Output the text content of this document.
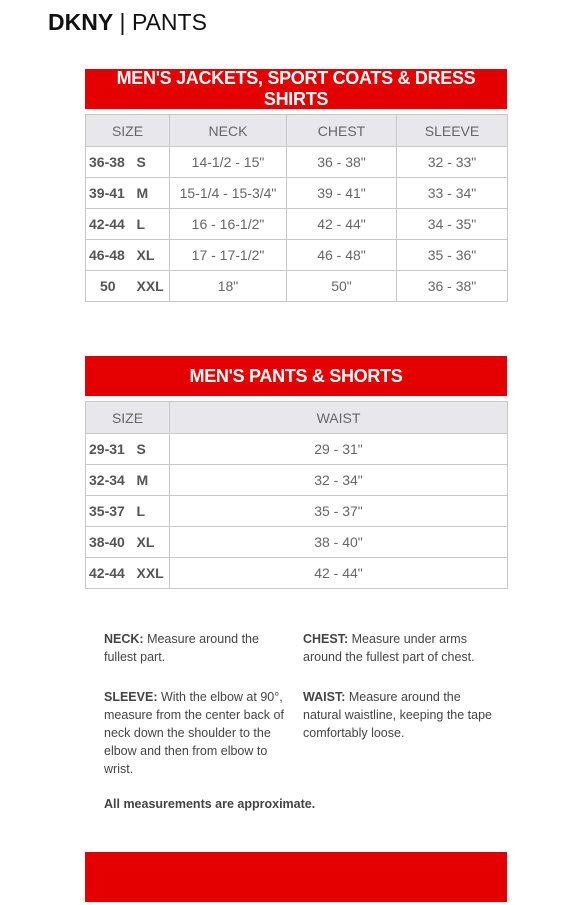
DKNY | PANTS
MEN'S JACKETS, SPORT COATS & DRESS SHIRTS
SIZE		NECK	CHEST	SLEEVE
36-38	S	14-1/2 - 15"	36 - 38"	32 - 33"
39-41	M	15-1/4 - 15-3/4"	39 - 41"	33 - 34"
42-44	L	16 - 16-1/2"	42 - 44"	34 - 35"
46-48	XL	17 - 17-1/2"	46 - 48"	35 - 36"
50	XXL	18"	50"	36 - 38"
MEN'S PANTS & SHORTS
SIZE		WAIST
29-31	S	29 - 31"
32-34	M	32 - 34"
35-37	L	35 - 37"
38-40	XL	38 - 40"
42-44	XXL	42 - 44"
NECK: Measure around the fullest part.
CHEST: Measure under arms around the fullest part of chest.
SLEEVE: With the elbow at 90°, measure from the center back of neck down the shoulder to the elbow and then from elbow to wrist.
WAIST: Measure around the natural waistline, keeping the tape comfortably loose.
All measurements are approximate.
